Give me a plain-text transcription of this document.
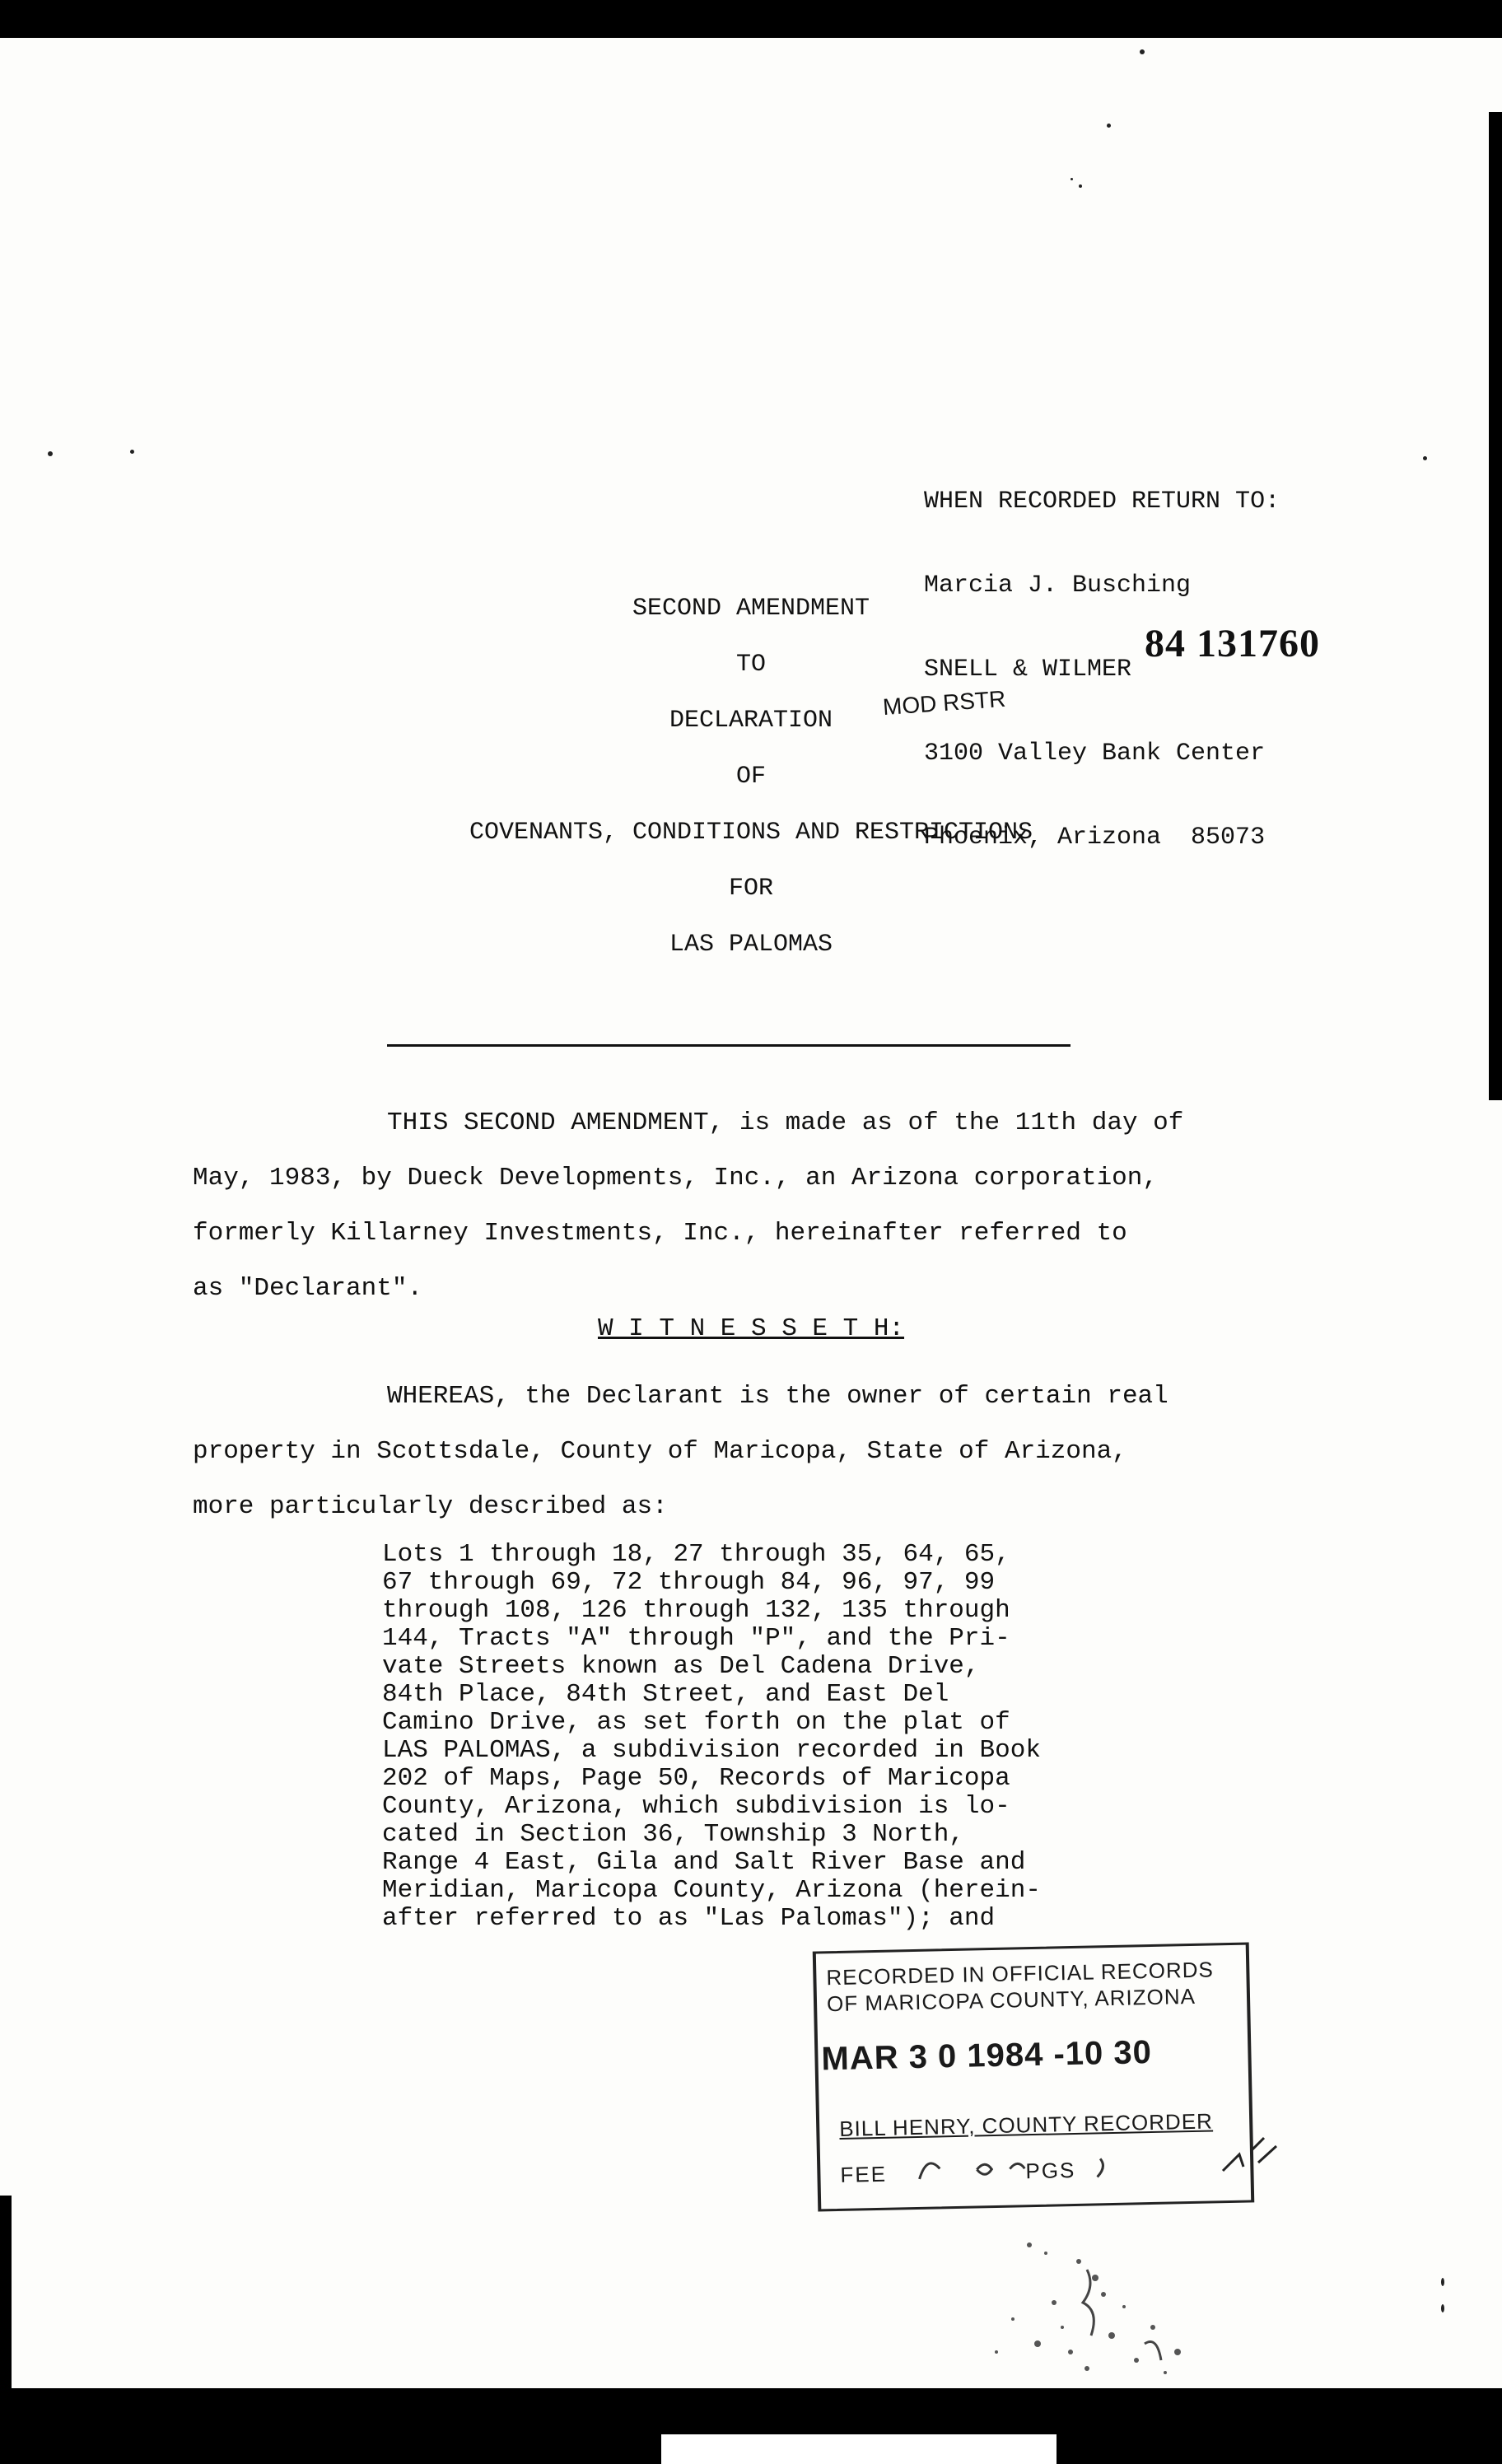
WHEN RECORDED RETURN TO:

Marcia J. Busching

SNELL & WILMER

3100 Valley Bank Center

Phoenix, Arizona  85073

84 131760
MOD RSTR
SECOND AMENDMENT
TO
DECLARATION
OF
COVENANTS, CONDITIONS AND RESTRICTIONS
FOR
LAS PALOMAS
THIS SECOND AMENDMENT, is made as of the 11th day of
May, 1983, by Dueck Developments, Inc., an Arizona corporation,
formerly Killarney Investments, Inc., hereinafter referred to
as "Declarant".
W I T N E S S E T H:
WHEREAS, the Declarant is the owner of certain real
property in Scottsdale, County of Maricopa, State of Arizona,
more particularly described as:
Lots 1 through 18, 27 through 35, 64, 65,
67 through 69, 72 through 84, 96, 97, 99
through 108, 126 through 132, 135 through
144, Tracts "A" through "P", and the Pri-
vate Streets known as Del Cadena Drive,
84th Place, 84th Street, and East Del
Camino Drive, as set forth on the plat of
LAS PALOMAS, a subdivision recorded in Book
202 of Maps, Page 50, Records of Maricopa
County, Arizona, which subdivision is lo-
cated in Section 36, Township 3 North,
Range 4 East, Gila and Salt River Base and
Meridian, Maricopa County, Arizona (herein-
after referred to as "Las Palomas"); and
RECORDED IN OFFICIAL RECORDS
OF MARICOPA COUNTY, ARIZONA
MAR 3 0 1984 -10 30
BILL HENRY, COUNTY RECORDER
FEE	PGS
